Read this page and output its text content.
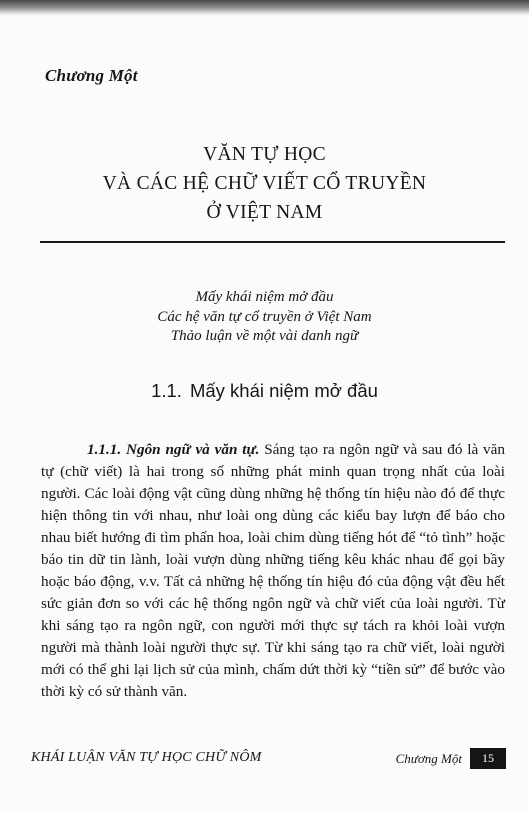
Chương Một
VĂN TỰ HỌC
VÀ CÁC HỆ CHỮ VIẾT CỔ TRUYỀN
Ở VIỆT NAM
Mấy khái niệm mở đầu
Các hệ văn tự cổ truyền ở Việt Nam
Thảo luận về một vài danh ngữ
1.1. Mấy khái niệm mở đầu
1.1.1. Ngôn ngữ và văn tự. Sáng tạo ra ngôn ngữ và sau đó là văn tự (chữ viết) là hai trong số những phát minh quan trọng nhất của loài người. Các loài động vật cũng dùng những hệ thống tín hiệu nào đó để thực hiện thông tin với nhau, như loài ong dùng các kiểu bay lượn để báo cho nhau biết hướng đi tìm phấn hoa, loài chim dùng tiếng hót để “tỏ tình” hoặc báo tin dữ tin lành, loài vượn dùng những tiếng kêu khác nhau để gọi bầy hoặc báo động, v.v. Tất cả những hệ thống tín hiệu đó của động vật đều hết sức giản đơn so với các hệ thống ngôn ngữ và chữ viết của loài người. Từ khi sáng tạo ra ngôn ngữ, con người mới thực sự tách ra khỏi loài vượn người mà thành loài người thực sự. Từ khi sáng tạo ra chữ viết, loài người mới có thể ghi lại lịch sử của mình, chấm dứt thời kỳ “tiền sử” để bước vào thời kỳ có sử thành văn.
KHÁI LUẬN VĂN TỰ HỌC CHỮ NÔM	Chương Một	15
